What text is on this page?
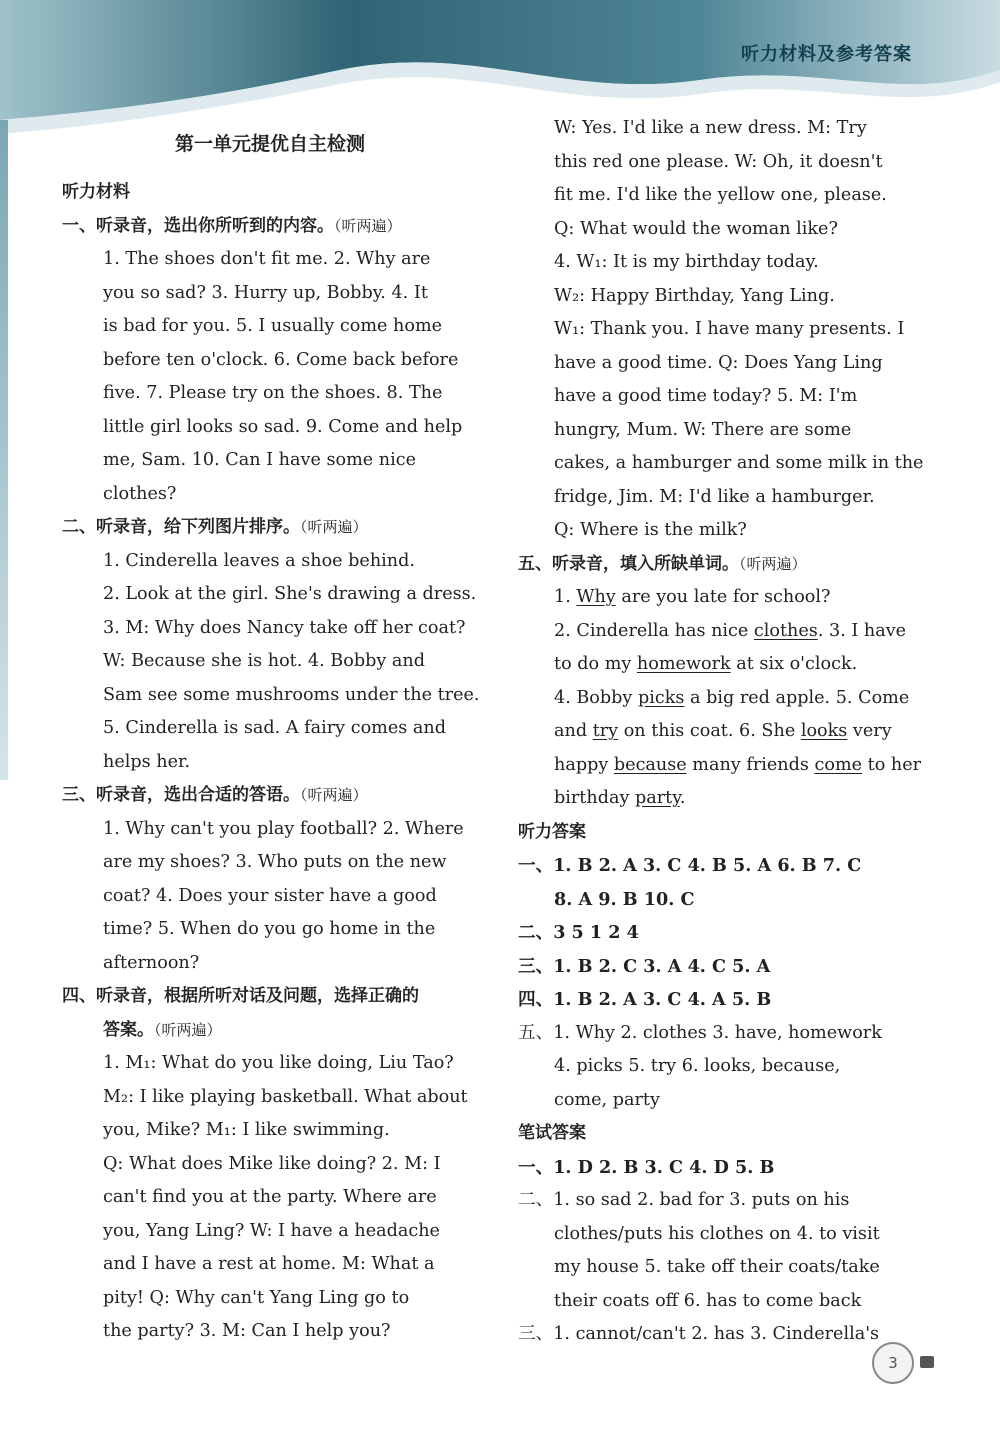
听力材料及参考答案
第一单元提优自主检测
听力材料
一、听录音，选出你所听到的内容。（听两遍）
1. The shoes don't fit me. 2. Why are
you so sad? 3. Hurry up, Bobby. 4. It
is bad for you. 5. I usually come home
before ten o'clock. 6. Come back before
five. 7. Please try on the shoes. 8. The
little girl looks so sad. 9. Come and help
me, Sam. 10. Can I have some nice
clothes?
二、听录音，给下列图片排序。（听两遍）
1. Cinderella leaves a shoe behind.
2. Look at the girl. She's drawing a dress.
3. M: Why does Nancy take off her coat?
W: Because she is hot. 4. Bobby and
Sam see some mushrooms under the tree.
5. Cinderella is sad. A fairy comes and
helps her.
三、听录音，选出合适的答语。（听两遍）
1. Why can't you play football? 2. Where
are my shoes? 3. Who puts on the new
coat? 4. Does your sister have a good
time? 5. When do you go home in the
afternoon?
四、听录音，根据所听对话及问题，选择正确的
答案。（听两遍）
1. M₁: What do you like doing, Liu Tao?
M₂: I like playing basketball. What about
you, Mike? M₁: I like swimming.
Q: What does Mike like doing? 2. M: I
can't find you at the party. Where are
you, Yang Ling? W: I have a headache
and I have a rest at home. M: What a
pity! Q: Why can't Yang Ling go to
the party? 3. M: Can I help you?
W: Yes. I'd like a new dress. M: Try
this red one please. W: Oh, it doesn't
fit me. I'd like the yellow one, please.
Q: What would the woman like?
4. W₁: It is my birthday today.
W₂: Happy Birthday, Yang Ling.
W₁: Thank you. I have many presents. I
have a good time. Q: Does Yang Ling
have a good time today? 5. M: I'm
hungry, Mum. W: There are some
cakes, a hamburger and some milk in the
fridge, Jim. M: I'd like a hamburger.
Q: Where is the milk?
五、听录音，填入所缺单词。（听两遍）
1. Why are you late for school?
2. Cinderella has nice clothes. 3. I have
to do my homework at six o'clock.
4. Bobby picks a big red apple. 5. Come
and try on this coat. 6. She looks very
happy because many friends come to her
birthday party.
听力答案
一、1. B 2. A 3. C 4. B 5. A 6. B 7. C
8. A 9. B 10. C
二、3 5 1 2 4
三、1. B 2. C 3. A 4. C 5. A
四、1. B 2. A 3. C 4. A 5. B
五、1. Why 2. clothes 3. have, homework
4. picks 5. try 6. looks, because,
come, party
笔试答案
一、1. D 2. B 3. C 4. D 5. B
二、1. so sad 2. bad for 3. puts on his
clothes/puts his clothes on 4. to visit
my house 5. take off their coats/take
their coats off 6. has to come back
三、1. cannot/can't 2. has 3. Cinderella's
3
